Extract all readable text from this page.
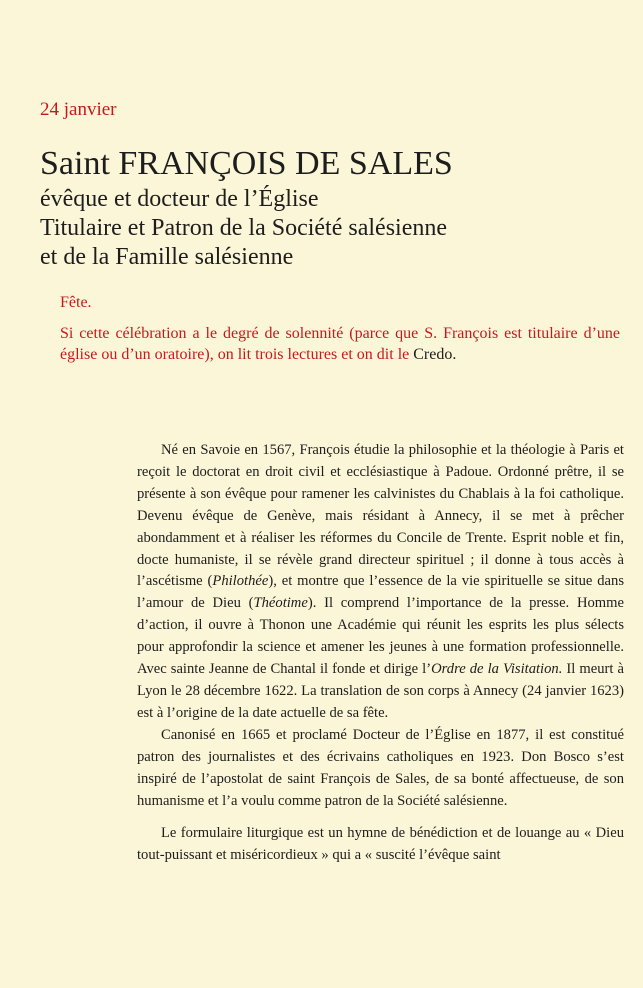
24 janvier
Saint FRANÇOIS DE SALES

évêque et docteur de l’Église

Titulaire et Patron de la Société salésienne

et de la Famille salésienne

Fête.

Si cette célébration a le degré de solennité (parce que S. François est titulaire d’une église ou d’un oratoire), on lit trois lectures et on dit le Credo.

Né en Savoie en 1567, François étudie la philosophie et la théologie à Paris et reçoit le doctorat en droit civil et ecclésiastique à Padoue. Ordonné prêtre, il se présente à son évêque pour ramener les calvinistes du Chablais à la foi catholique. Devenu évêque de Genève, mais résidant à Annecy, il se met à prêcher abondamment et à réaliser les réformes du Concile de Trente. Esprit noble et fin, docte humaniste, il se révèle grand directeur spirituel ; il donne à tous accès à l’ascétisme (Philothée), et montre que l’essence de la vie spirituelle se situe dans l’amour de Dieu (Théotime). Il comprend l’importance de la presse. Homme d’action, il ouvre à Thonon une Académie qui réunit les esprits les plus sélects pour approfondir la science et amener les jeunes à une formation professionnelle. Avec sainte Jeanne de Chantal il fonde et dirige l’Ordre de la Visitation. Il meurt à Lyon le 28 décembre 1622. La translation de son corps à Annecy (24 janvier 1623) est à l’origine de la date actuelle de sa fête.

Canonisé en 1665 et proclamé Docteur de l’Église en 1877, il est constitué patron des journalistes et des écrivains catholiques en 1923. Don Bosco s’est inspiré de l’apostolat de saint François de Sales, de sa bonté affectueuse, de son humanisme et l’a voulu comme patron de la Société salésienne.

Le formulaire liturgique est un hymne de bénédiction et de louange au « Dieu tout-puissant et miséricordieux » qui a « suscité l’évêque saint
